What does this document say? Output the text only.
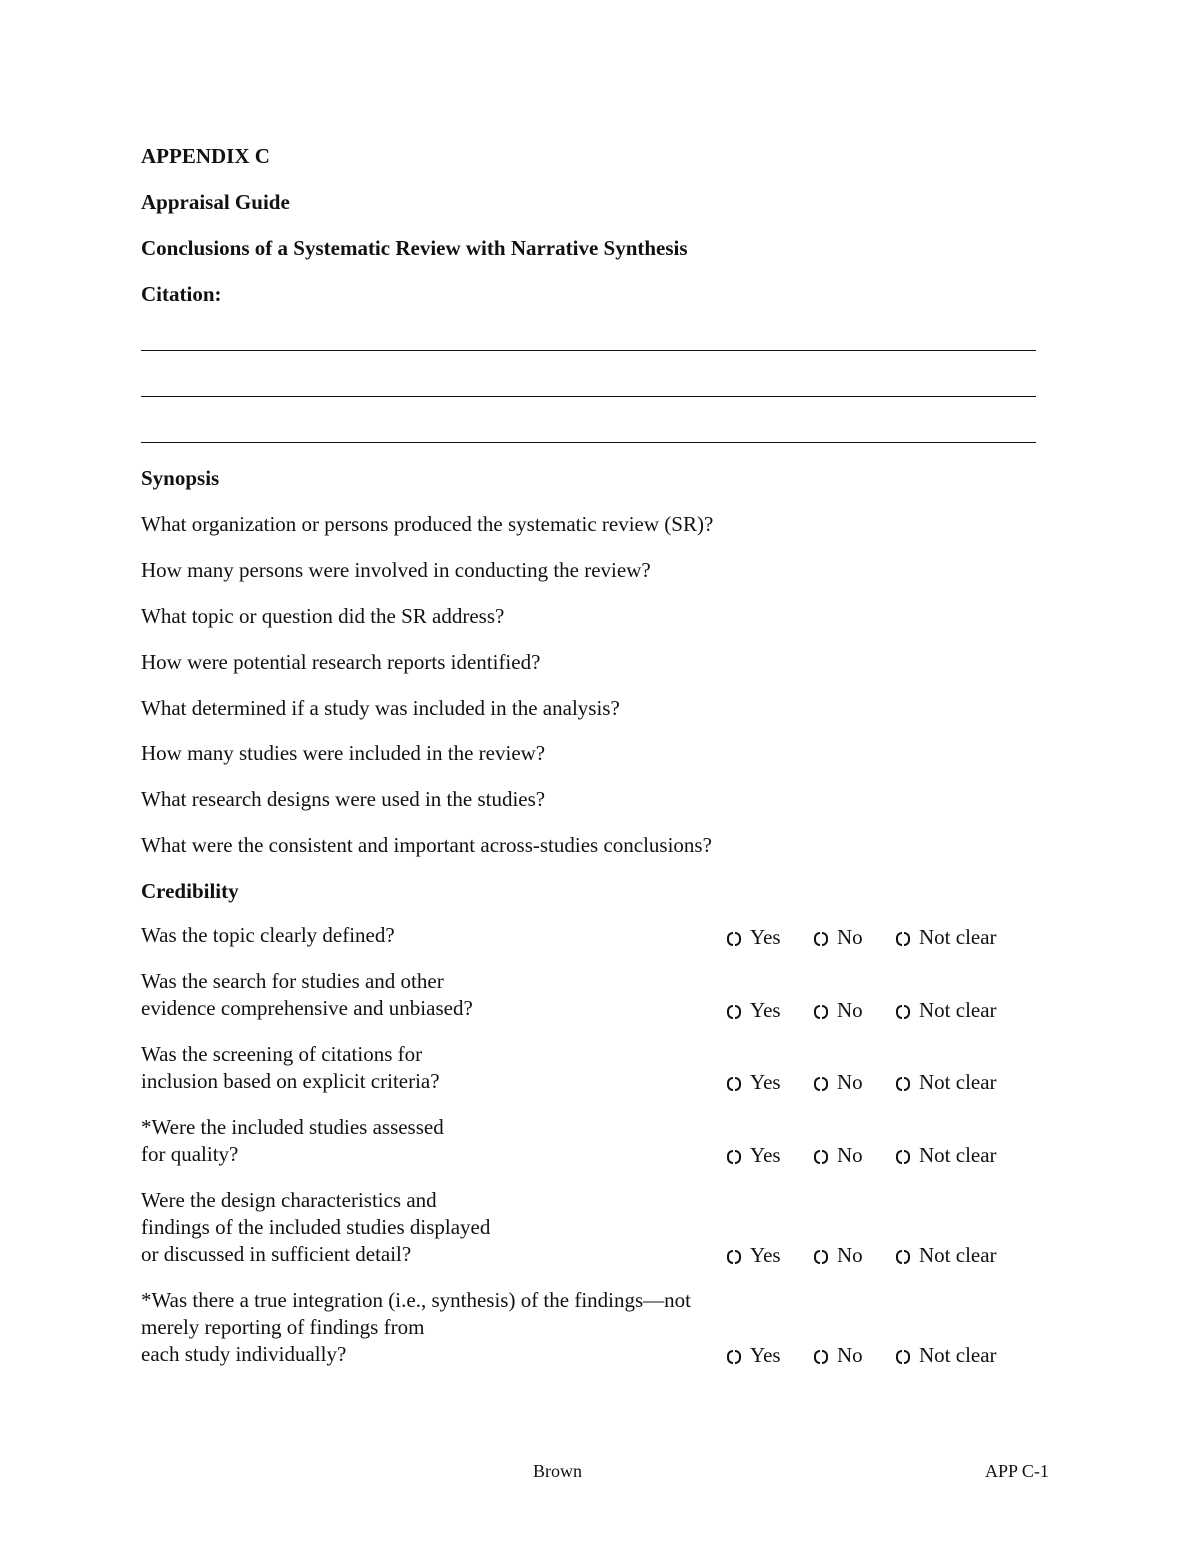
APPENDIX C
Appraisal Guide
Conclusions of a Systematic Review with Narrative Synthesis
Citation:
Synopsis
What organization or persons produced the systematic review (SR)?
How many persons were involved in conducting the review?
What topic or question did the SR address?
How were potential research reports identified?
What determined if a study was included in the analysis?
How many studies were included in the review?
What research designs were used in the studies?
What were the consistent and important across-studies conclusions?
Credibility
Was the topic clearly defined?	Yes	No	Not clear
Was the search for studies and other
evidence comprehensive and unbiased?	Yes	No	Not clear
Was the screening of citations for
inclusion based on explicit criteria?	Yes	No	Not clear
*Were the included studies assessed
for quality?	Yes	No	Not clear
Were the design characteristics and
findings of the included studies displayed
or discussed in sufficient detail?	Yes	No	Not clear
*Was there a true integration (i.e., synthesis) of the findings—not
merely reporting of findings from
each study individually?	Yes	No	Not clear
Brown	APP C-1
